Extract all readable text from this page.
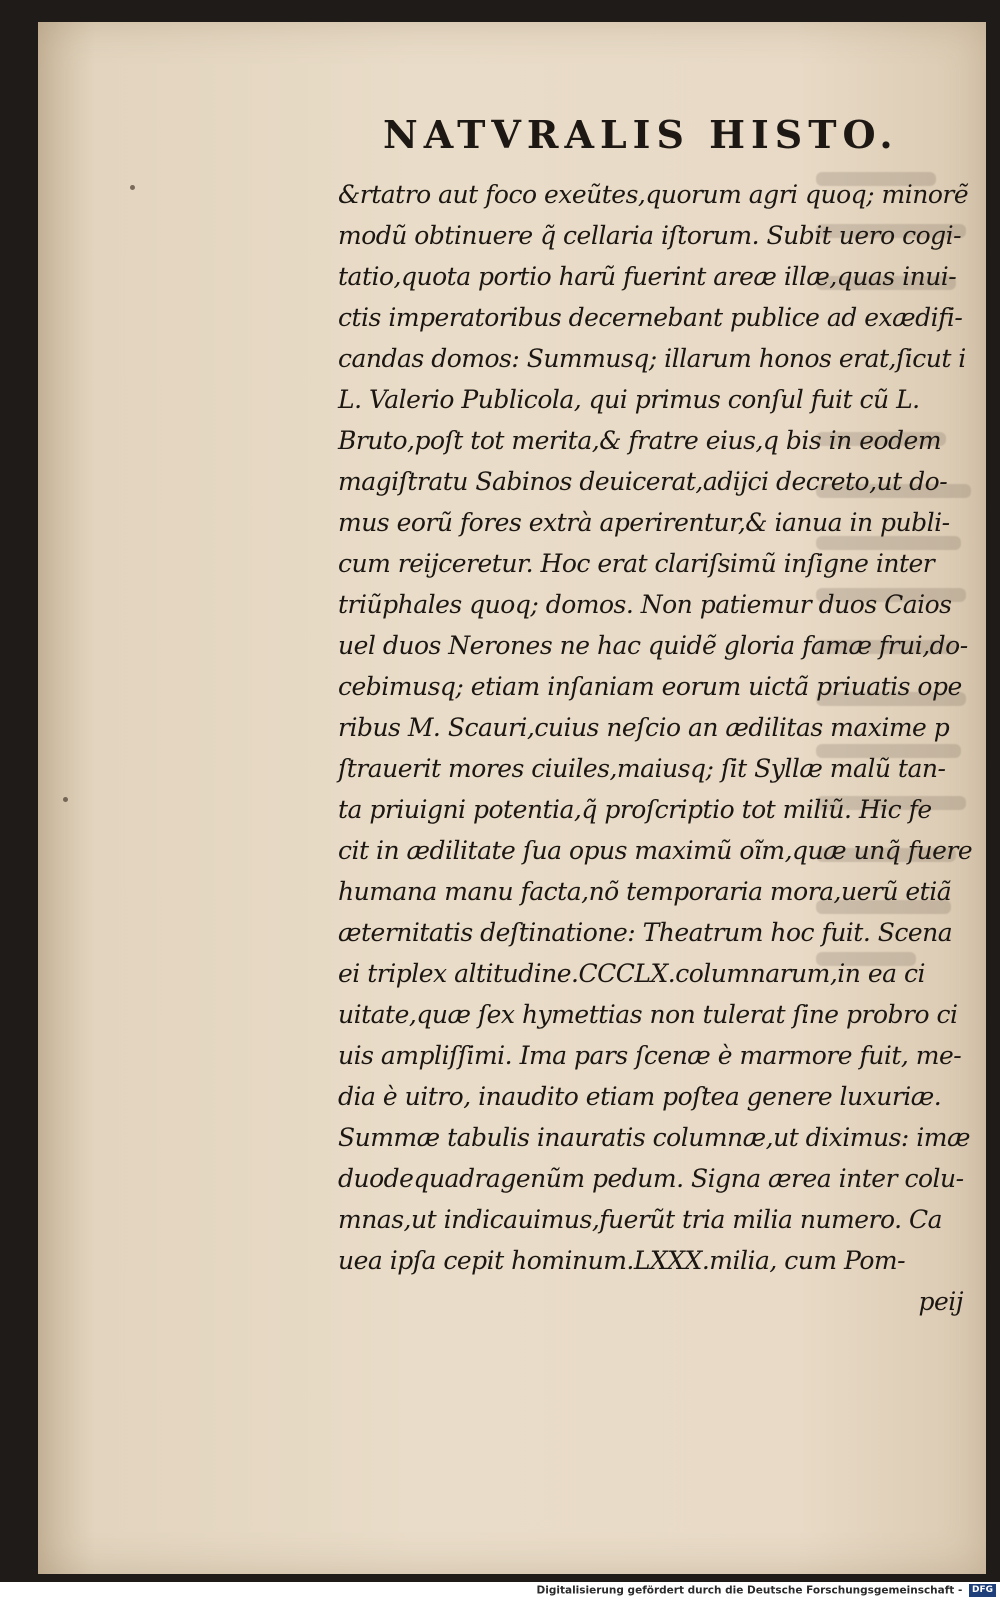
NATVRALIS HISTO.
&rtatro aut foco exeũtes,quorum agri quoq; minorẽ
modũ obtinuere q̃ cellaria iſtorum. Subit uero cogi-
tatio,quota portio harũ fuerint areæ illæ,quas inui-
ctis imperatoribus decernebant publice ad exædifi-
candas domos: Summusq; illarum honos erat,ſicut i
L. Valerio Publicola, qui primus conſul fuit cũ L.
Bruto,poſt tot merita,& fratre eius,q bis in eodem
magiſtratu Sabinos deuicerat,adijci decreto,ut do-
mus eorũ fores extrà aperirentur,& ianua in publi-
cum reijceretur. Hoc erat clariſsimũ inſigne inter
triũphales quoq; domos. Non patiemur duos Caios
uel duos Nerones ne hac quidẽ gloria famæ frui,do-
cebimusq; etiam inſaniam eorum uictã priuatis ope
ribus M. Scauri,cuius neſcio an ædilitas maxime p
ſtrauerit mores ciuiles,maiusq; ſit Syllæ malũ tan-
ta priuigni potentia,q̃ proſcriptio tot miliũ. Hic fe
cit in ædilitate ſua opus maximũ oĩm,quæ unq̃ fuere
humana manu facta,nõ temporaria mora,uerũ etiã
æternitatis deſtinatione: Theatrum hoc fuit. Scena
ei triplex altitudine.CCCLX.columnarum,in ea ci
uitate,quæ ſex hymettias non tulerat ſine probro ci
uis ampliſſimi. Ima pars ſcenæ è marmore fuit, me-
dia è uitro, inaudito etiam poſtea genere luxuriæ.
Summæ tabulis inauratis columnæ,ut diximus: imæ
duodequadragenũm pedum. Signa ærea inter colu-
mnas,ut indicauimus,fuerũt tria milia numero. Ca
uea ipſa cepit hominum.LXXX.milia, cum Pom-
peij
Digitalisierung gefördert durch die Deutsche Forschungsgemeinschaft - DFG
